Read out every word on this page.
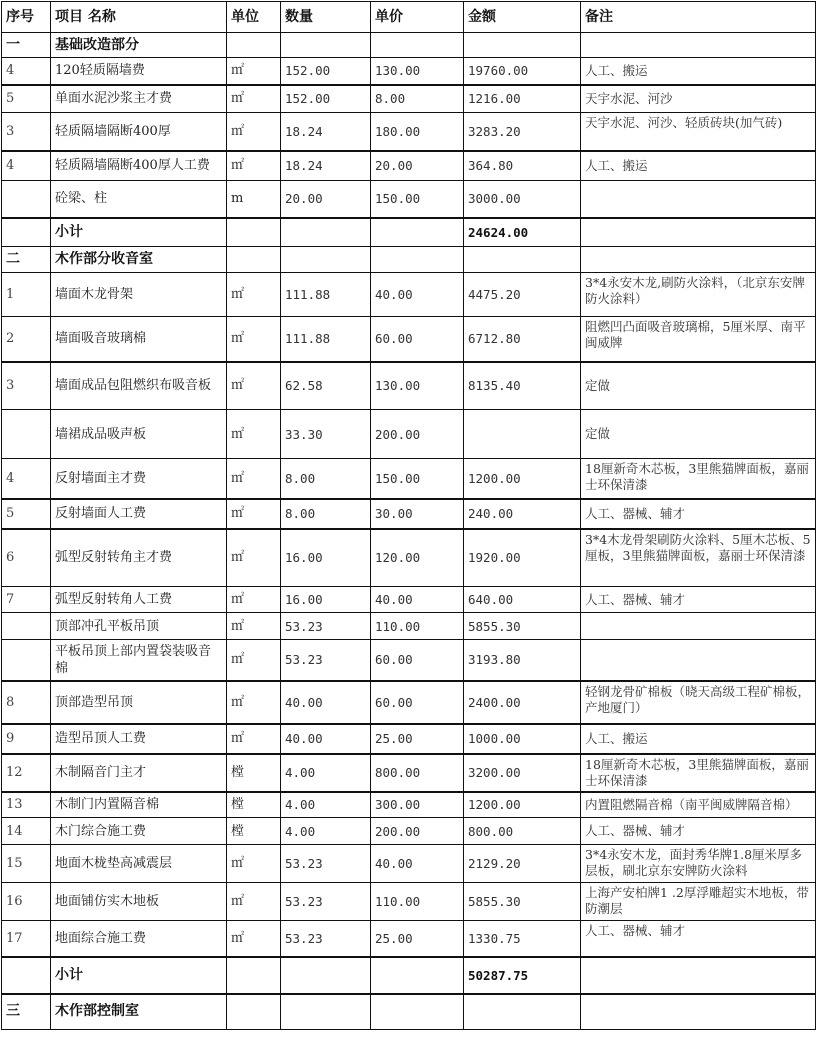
序号	项目 名称	单位	数量	单价	金额	备注

一	基础改造部分					

4	120轻质隔墙费	㎡	152.00	130.00	19760.00	人工、搬运

5	单面水泥沙浆主才费	㎡	152.00	8.00	1216.00	天宇水泥、河沙

3	轻质隔墙隔断400厚	㎡	18.24	180.00	3283.20	天宇水泥、河沙、轻质砖块(加气砖)

4	轻质隔墙隔断400厚人工费	㎡	18.24	20.00	364.80	人工、搬运

	砼梁、柱	m	20.00	150.00	3000.00	

	小计				24624.00	

二	木作部分收音室					

1	墙面木龙骨架	㎡	111.88	40.00	4475.20	3*4永安木龙,刷防火涂料，（北京东安牌防火涂料）

2	墙面吸音玻璃棉	㎡	111.88	60.00	6712.80	阻燃凹凸面吸音玻璃棉，5厘米厚、南平闽威牌

3	墙面成品包阻燃织布吸音板	㎡	62.58	130.00	8135.40	定做

	墙裙成品吸声板	㎡	33.30	200.00		定做

4	反射墙面主才费	㎡	8.00	150.00	1200.00	18厘新奇木芯板，3里熊猫牌面板，嘉丽士环保清漆

5	反射墙面人工费	㎡	8.00	30.00	240.00	人工、器械、辅才

6	弧型反射转角主才费	㎡	16.00	120.00	1920.00	3*4木龙骨架刷防火涂料、5厘木芯板、5厘板，3里熊猫牌面板，嘉丽士环保清漆

7	弧型反射转角人工费	㎡	16.00	40.00	640.00	人工、器械、辅才

	顶部冲孔平板吊顶	㎡	53.23	110.00	5855.30	

	平板吊顶上部内置袋装吸音棉	㎡	53.23	60.00	3193.80	

8	顶部造型吊顶	㎡	40.00	60.00	2400.00	轻钢龙骨矿棉板（晓天高级工程矿棉板，产地厦门）

9	造型吊顶人工费	㎡	40.00	25.00	1000.00	人工、搬运

12	木制隔音门主才	樘	4.00	800.00	3200.00	18厘新奇木芯板，3里熊猫牌面板，嘉丽士环保清漆

13	木制门内置隔音棉	樘	4.00	300.00	1200.00	内置阻燃隔音棉（南平闽威牌隔音棉）

14	木门综合施工费	樘	4.00	200.00	800.00	人工、器械、辅才

15	地面木栊垫高减震层	㎡	53.23	40.00	2129.20	3*4永安木龙，面封秀华牌1.8厘米厚多层板，刷北京东安牌防火涂料

16	地面铺仿实木地板	㎡	53.23	110.00	5855.30	上海产安柏牌1 .2厚浮雕超实木地板，带防潮层

17	地面综合施工费	㎡	53.23	25.00	1330.75	人工、器械、辅才

	小计				50287.75	

三	木作部控制室					
